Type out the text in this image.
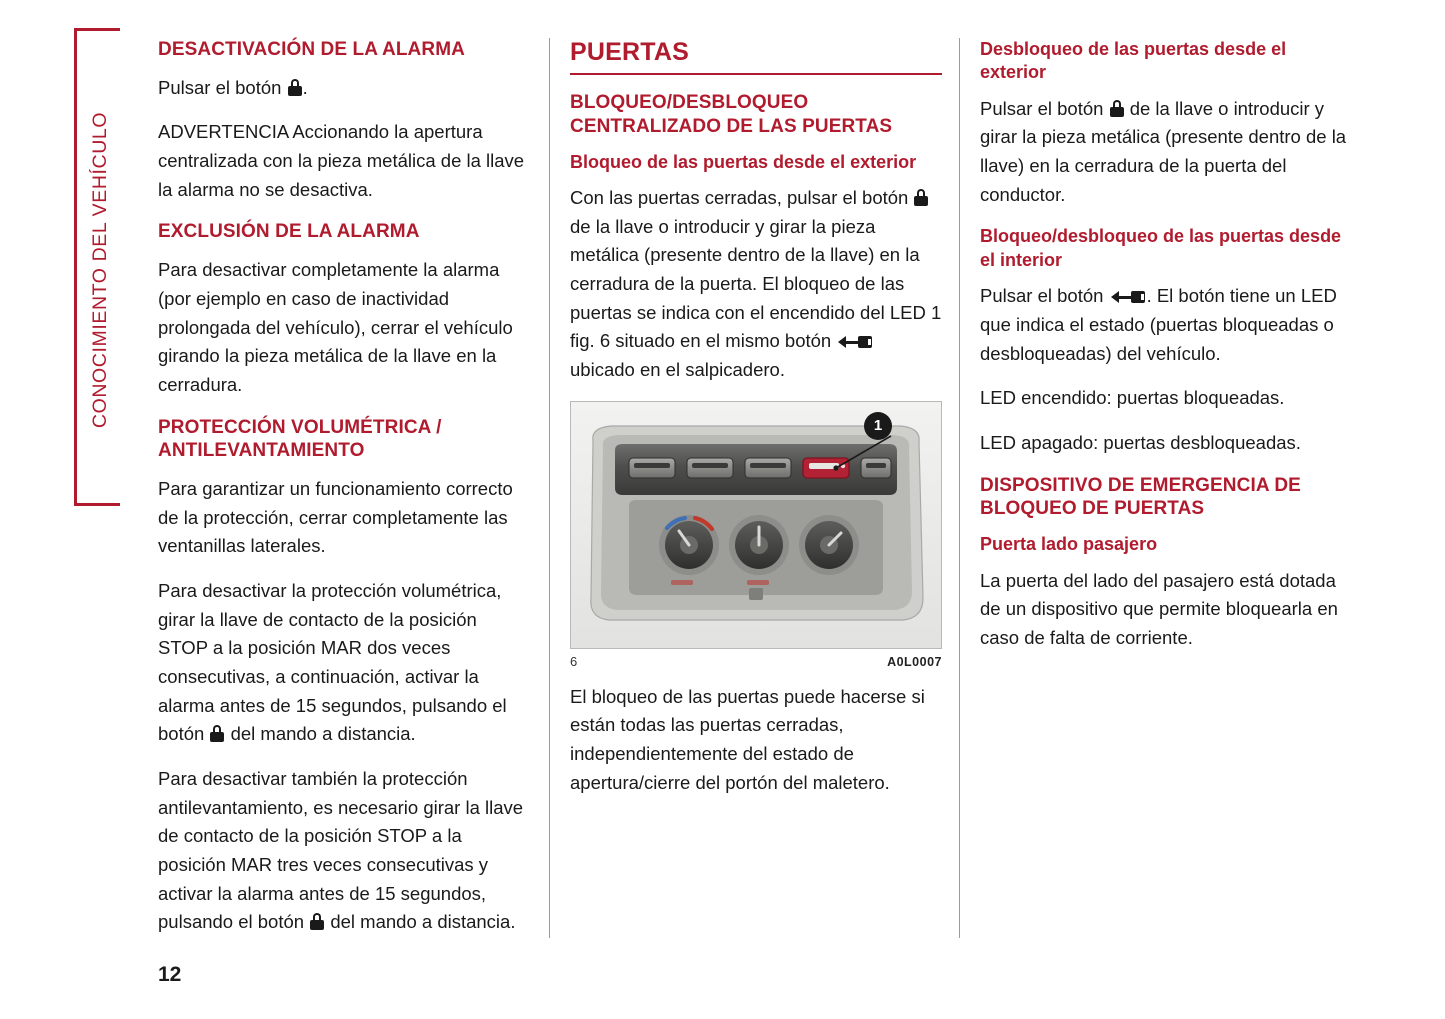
CONOCIMIENTO DEL VEHÍCULO
DESACTIVACIÓN DE LA ALARMA

Pulsar el botón .

ADVERTENCIA Accionando la apertura centralizada con la pieza metálica de la llave la alarma no se desactiva.

EXCLUSIÓN DE LA ALARMA

Para desactivar completamente la alarma (por ejemplo en caso de inactividad prolongada del vehículo), cerrar el vehículo girando la pieza metálica de la llave en la cerradura.

PROTECCIÓN VOLUMÉTRICA / ANTILEVANTAMIENTO

Para garantizar un funcionamiento correcto de la protección, cerrar completamente las ventanillas laterales.

Para desactivar la protección volumétrica, girar la llave de contacto de la posición STOP a la posición MAR dos veces consecutivas, a continuación, activar la alarma antes de 15 segundos, pulsando el botón  del mando a distancia.

Para desactivar también la protección antilevantamiento, es necesario girar la llave de contacto de la posición STOP a la posición MAR tres veces consecutivas y activar la alarma antes de 15 segundos, pulsando el botón  del mando a distancia.

PUERTAS
BLOQUEO/DESBLOQUEO CENTRALIZADO DE LAS PUERTAS
Bloqueo de las puertas desde el exterior

Con las puertas cerradas, pulsar el botón  de la llave o introducir y girar la pieza metálica (presente dentro de la llave) en la cerradura de la puerta. El bloqueo de las puertas se indica con el encendido del LED 1 fig. 6 situado en el mismo botón
ubicado en el salpicadero.

1
6	A0L0007

El bloqueo de las puertas puede hacerse si están todas las puertas cerradas, independientemente del estado de apertura/cierre del portón del maletero.

Desbloqueo de las puertas desde el exterior

Pulsar el botón  de la llave o introducir y girar la pieza metálica (presente dentro de la llave) en la cerradura de la puerta del conductor.

Bloqueo/desbloqueo de las puertas desde el interior

Pulsar el botón
. El botón tiene un LED que indica el estado (puertas bloqueadas o desbloqueadas) del vehículo.

LED encendido: puertas bloqueadas.

LED apagado: puertas desbloqueadas.

DISPOSITIVO DE EMERGENCIA DE BLOQUEO DE PUERTAS
Puerta lado pasajero

La puerta del lado del pasajero está dotada de un dispositivo que permite bloquearla en caso de falta de corriente.

12
